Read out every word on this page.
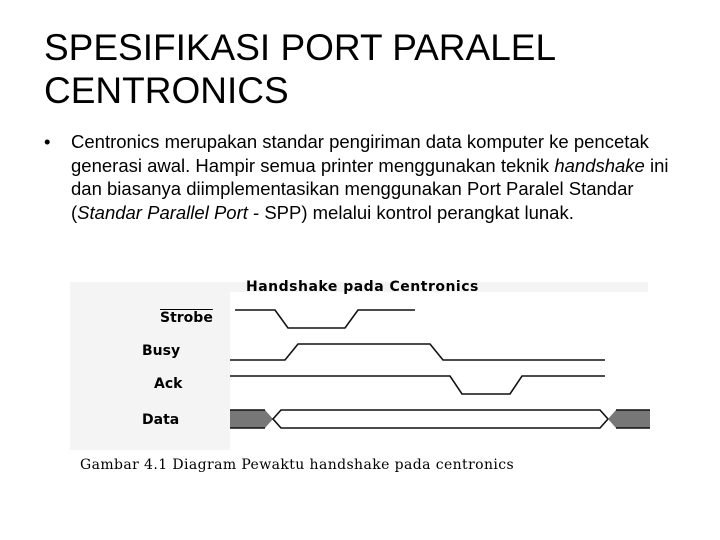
SPESIFIKASI PORT PARALEL CENTRONICS
• Centronics merupakan standar pengiriman data komputer ke pencetak generasi awal. Hampir semua printer menggunakan teknik handshake ini dan biasanya diimplementasikan menggunakan Port Paralel Standar (Standar Parallel Port - SPP) melalui kontrol perangkat lunak.
Handshake pada Centronics
Strobe
Busy
Ack
Data
Gambar 4.1 Diagram Pewaktu handshake pada centronics
